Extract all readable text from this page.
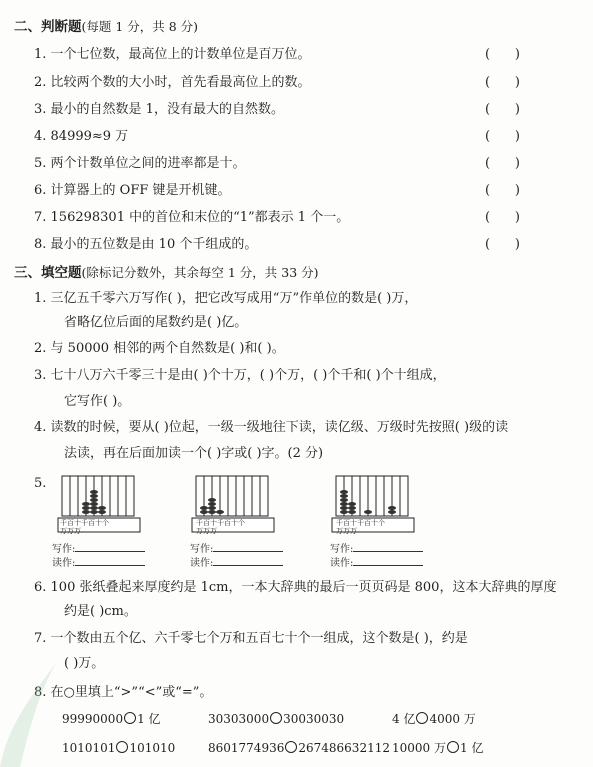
二、判断题(每题 1 分，共 8 分)
1. 一个七位数，最高位上的计数单位是百万位。	(      )
2. 比较两个数的大小时，首先看最高位上的数。	(      )
3. 最小的自然数是 1，没有最大的自然数。	(      )
4. 84999≈9 万	(      )
5. 两个计数单位之间的进率都是十。	(      )
6. 计算器上的 OFF 键是开机键。	(      )
7. 156298301 中的首位和末位的“1”都表示 1 个一。	(      )
8. 最小的五位数是由 10 个千组成的。	(      )
三、填空题(除标记分数外，其余每空 1 分，共 33 分)
1. 三亿五千零六万写作( )，把它改写成用“万”作单位的数是( )万，
省略亿位后面的尾数约是( )亿。
2. 与 50000 相邻的两个自然数是( )和( )。
3. 七十八万六千零三十是由( )个十万，( )个万，( )个千和( )个十组成，
它写作( )。
4. 读数的时候，要从( )位起，一级一级地往下读，读亿级、万级时先按照( )级的读
法读，再在后面加读一个( )字或( )字。(2 分)
5.
千百十千百十个
万万万
写作:
读作:
千百十千百十个
万万万
写作:
读作:
千百十千百十个
万万万
写作:
读作:
6. 100 张纸叠起来厚度约是 1cm，一本大辞典的最后一页页码是 800，这本大辞典的厚度
约是( )cm。
7. 一个数由五个亿、六千零七个万和五百七十个一组成，这个数是( )，约是
( )万。
8. 在○里填上“>”“<”或“=”。
99990000 1 亿	30303000 30030030	4 亿 4000 万
1010101 101010	8601774936 267486632112 10000 万 1 亿
